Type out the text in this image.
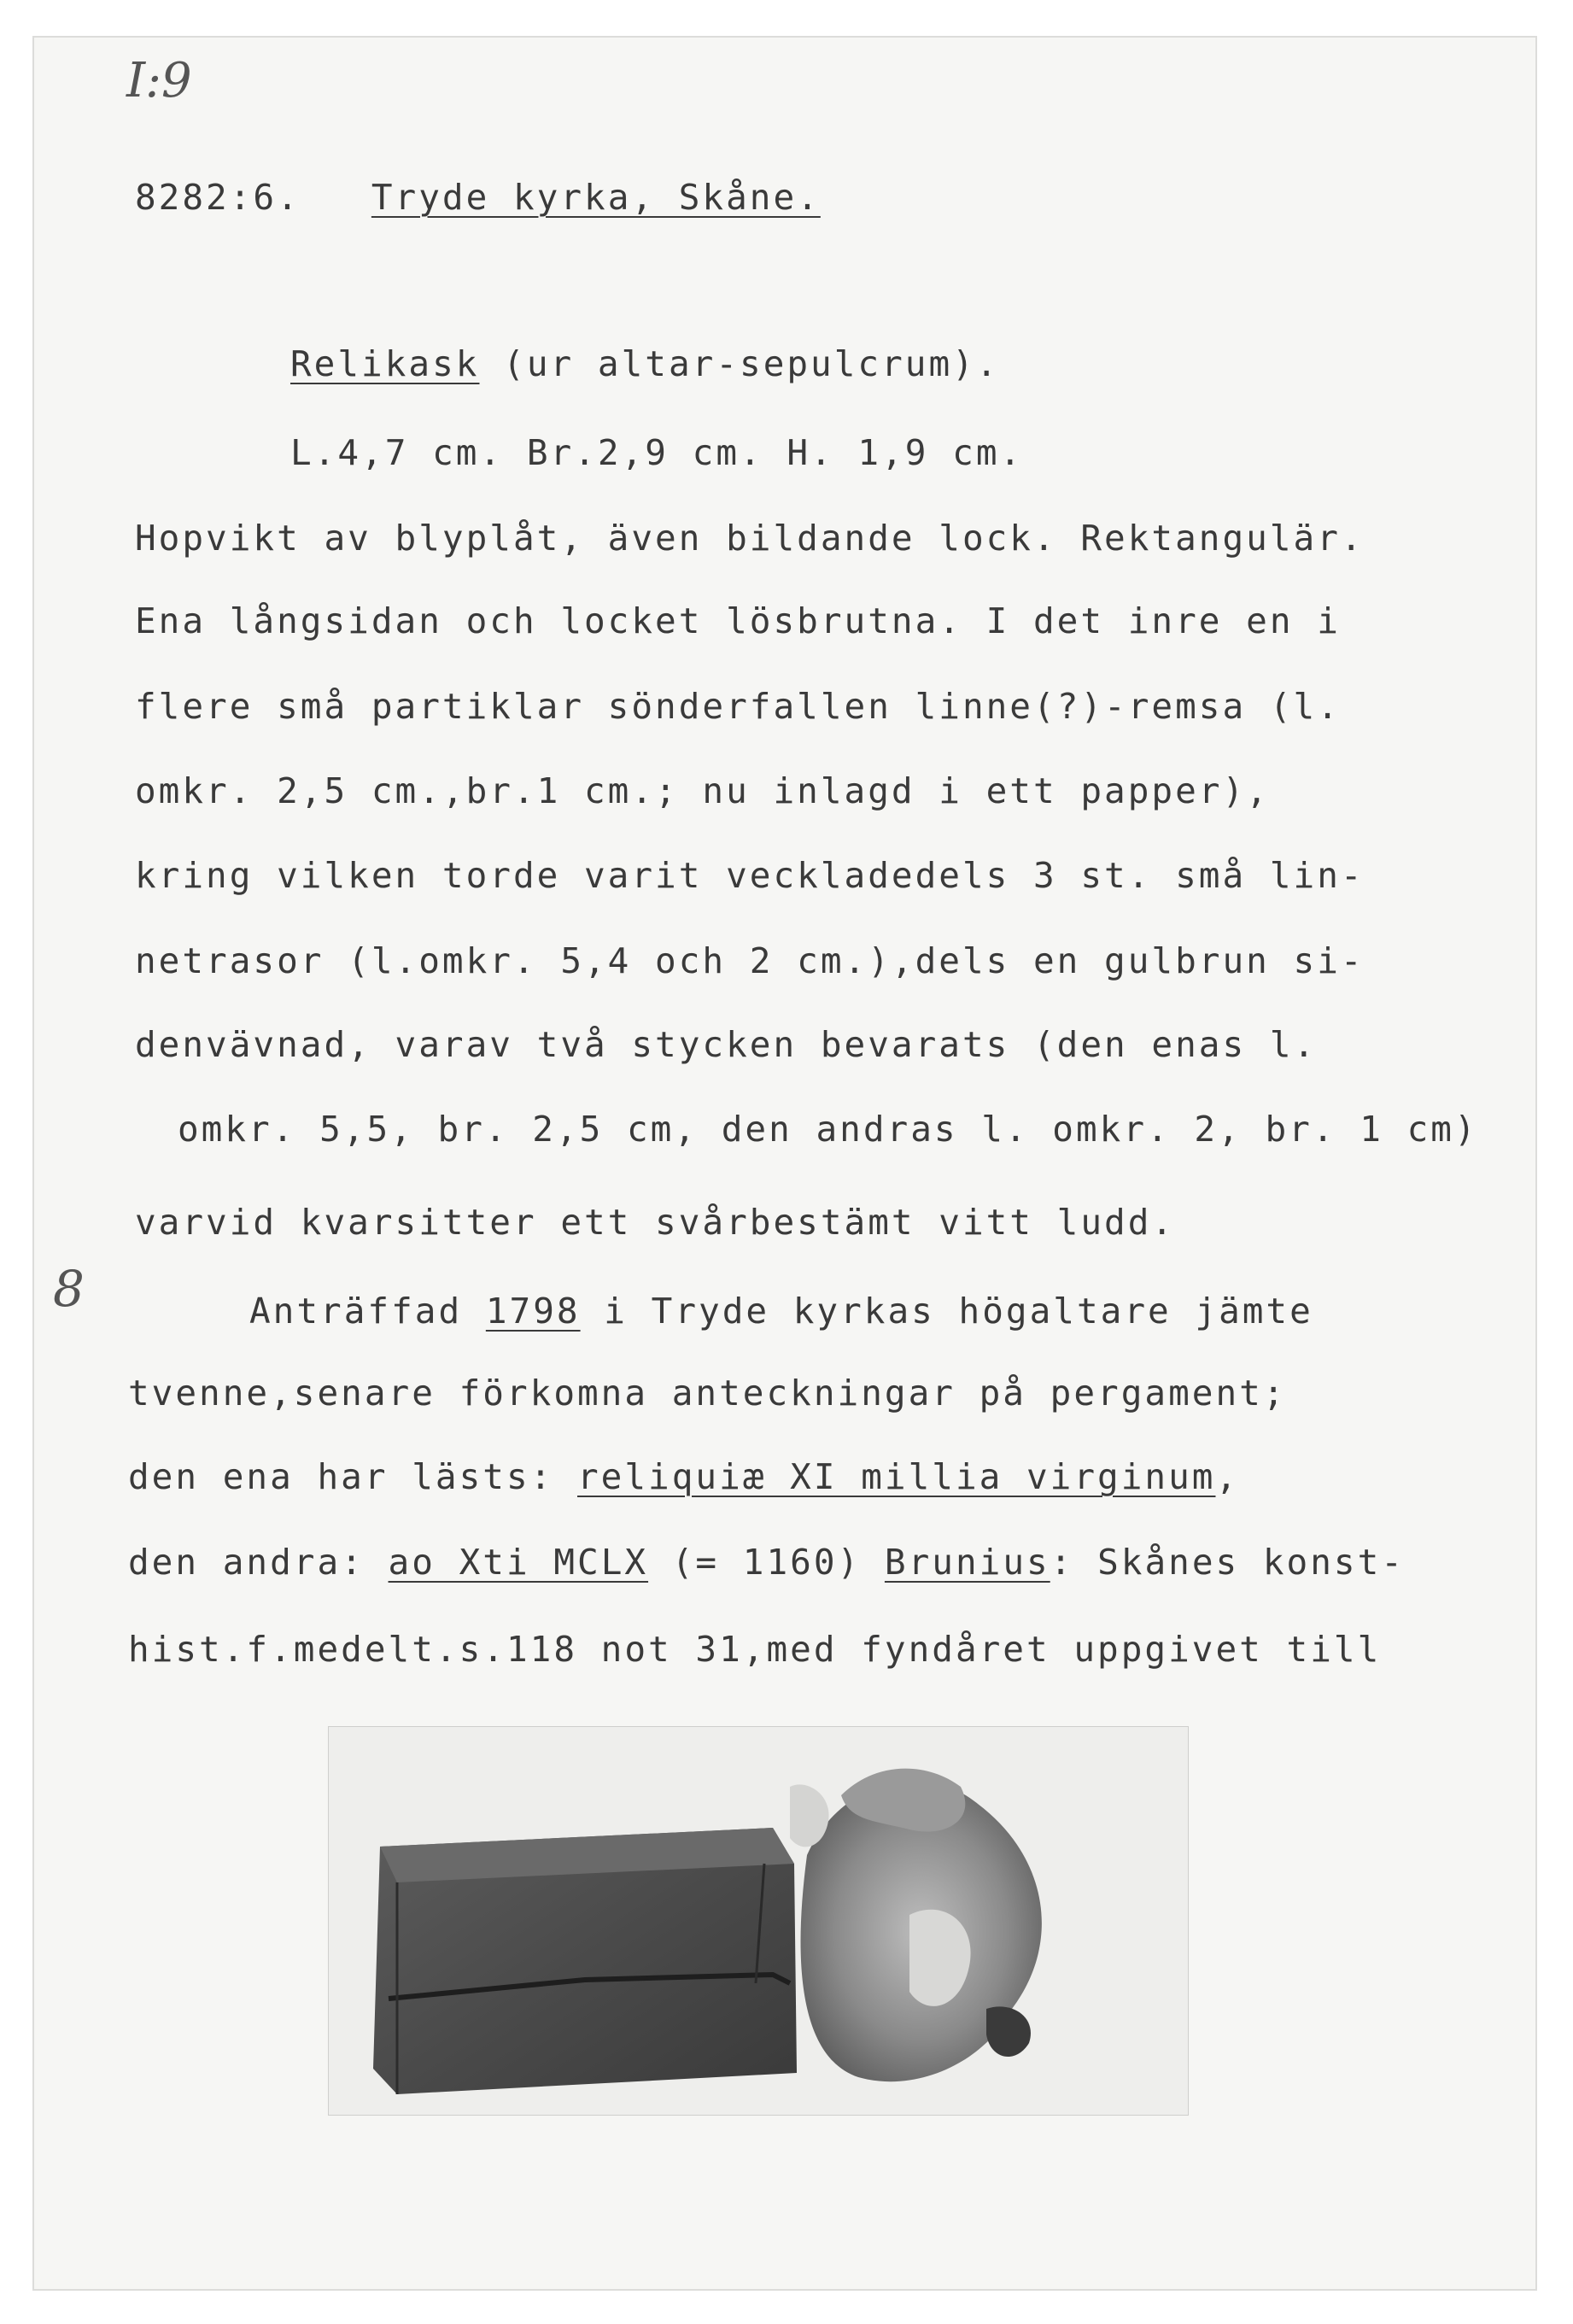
I:9
8282:6. Tryde kyrka, Skåne.
Relikask (ur altar-sepulcrum).
L.4,7 cm. Br.2,9 cm. H. 1,9 cm.
Hopvikt av blyplåt, även bildande lock. Rektangulär.
Ena långsidan och locket lösbrutna. I det inre en i
flere små partiklar sönderfallen linne(?)-remsa (l.
omkr. 2,5 cm.,br.1 cm.; nu inlagd i ett papper),
kring vilken torde varit veckladedels 3 st. små lin-
netrasor (l.omkr. 5,4 och 2 cm.),dels en gulbrun si-
denvävnad, varav två stycken bevarats (den enas l.
omkr. 5,5, br. 2,5 cm, den andras l. omkr. 2, br. 1 cm)
varvid kvarsitter ett svårbestämt vitt ludd.
8	Anträffad 1798 i Tryde kyrkas högaltare jämte
tvenne,senare förkomna anteckningar på pergament;
den ena har lästs: reliquiæ XI millia virginum,
den andra: ao Xti MCLX (= 1160) Brunius: Skånes konst-
hist.f.medelt.s.118 not 31,med fyndåret uppgivet till
